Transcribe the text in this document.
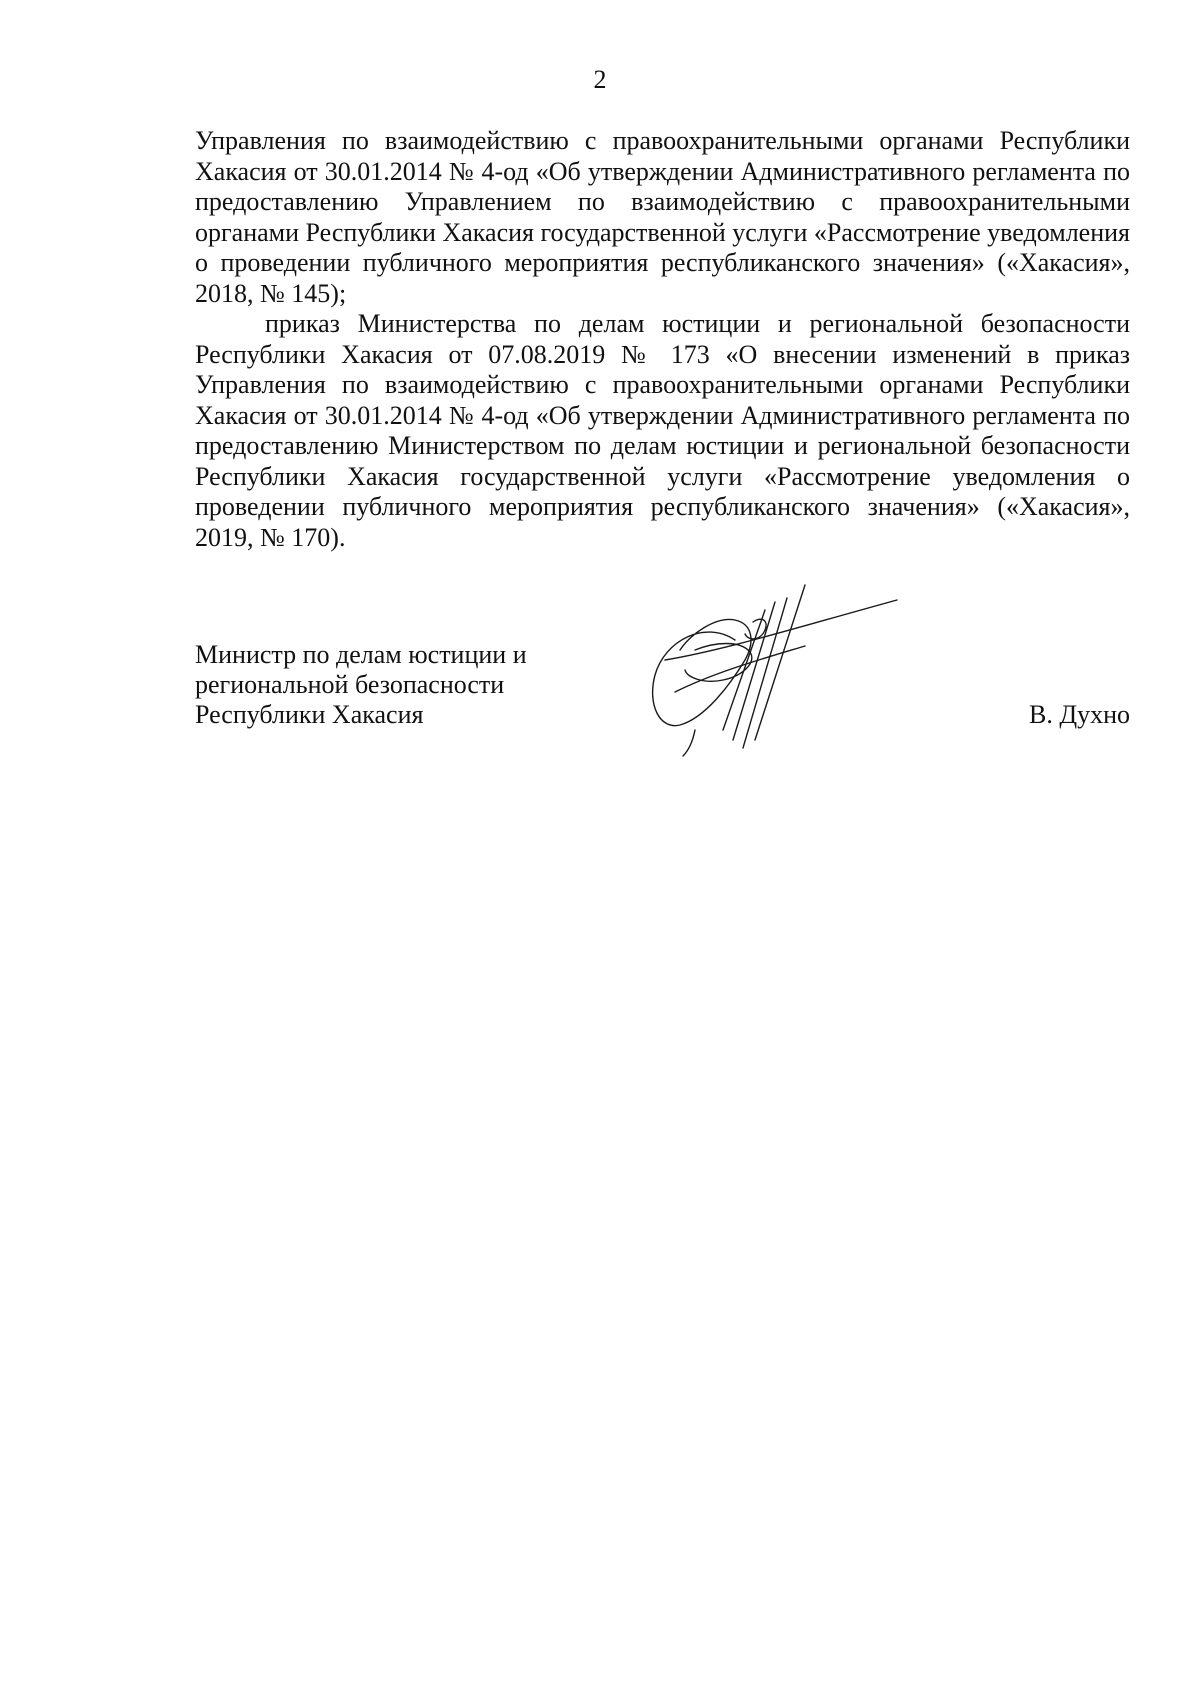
2

Управления по взаимодействию с правоохранительными органами Республики Хакасия от 30.01.2014 № 4-од «Об утверждении Административного регламента по предоставлению Управлением по взаимодействию с правоохранительными органами Республики Хакасия государственной услуги «Рассмотрение уведомления о проведении публичного мероприятия республиканского значения» («Хакасия», 2018, № 145);

приказ Министерства по делам юстиции и региональной безопасности Республики Хакасия от 07.08.2019 № 173 «О внесении изменений в приказ Управления по взаимодействию с правоохранительными органами Республики Хакасия от 30.01.2014 № 4-од «Об утверждении Административного регламента по предоставлению Министерством по делам юстиции и региональной безопасности Республики Хакасия государственной услуги «Рассмотрение уведомления о проведении публичного мероприятия республиканского значения» («Хакасия», 2019, № 170).

Министр по делам юстиции и
региональной безопасности
Республики Хакасия	В. Духно
